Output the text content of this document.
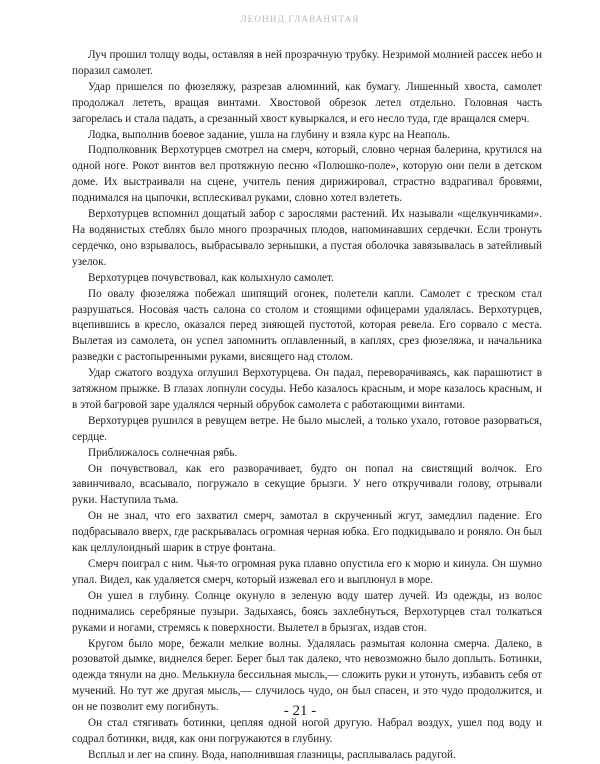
ЛЕОНИД ГЛАВАНЯТАЯ

Луч прошил толщу воды, оставляя в ней прозрачную трубку. Незримой молнией рассек небо и поразил самолет.

Удар пришелся по фюзеляжу, разрезав алюминий, как бумагу. Лишенный хвоста, самолет продолжал лететь, вращая винтами. Хвостовой обрезок летел отдельно. Головная часть загорелась и стала падать, а срезанный хвост кувыркался, и его несло туда, где вращался смерч.

Лодка, выполнив боевое задание, ушла на глубину и взяла курс на Неаполь.

Подполковник Верхотурцев смотрел на смерч, который, словно черная балерина, крутился на одной ноге. Рокот винтов вел протяжную песню «Полюшко-поле», которую они пели в детском доме. Их выстраивали на сцене, учитель пения дирижировал, страстно вздрагивал бровями, поднимался на цыпочки, всплескивал руками, словно хотел взлететь.

Верхотурцев вспомнил дощатый забор с зарослями растений. Их называли «щелкунчиками». На водянистых стеблях было много прозрачных плодов, напоминавших сердечки. Если тронуть сердечко, оно взрывалось, выбрасывало зернышки, а пустая оболочка завязывалась в затейливый узелок.

Верхотурцев почувствовал, как колыхнуло самолет.

По овалу фюзеляжа побежал шипящий огонек, полетели капли. Самолет с треском стал разрушаться. Носовая часть салона со столом и стоящими офицерами удалялась. Верхотурцев, вцепившись в кресло, оказался перед зияющей пустотой, которая ревела. Его сорвало с места. Вылетая из самолета, он успел запомнить оплавленный, в каплях, срез фюзеляжа, и начальника разведки с растопыренными руками, висящего над столом.

Удар сжатого воздуха оглушил Верхотурцева. Он падал, переворачиваясь, как парашютист в затяжном прыжке. В глазах лопнули сосуды. Небо казалось красным, и море казалось красным, и в этой багровой заре удалялся черный обрубок самолета с работающими винтами.

Верхотурцев рушился в ревущем ветре. Не было мыслей, а только ухало, готовое разорваться, сердце.

Приближалось солнечная рябь.

Он почувствовал, как его разворачивает, будто он попал на свистящий волчок. Его завинчивало, всасывало, погружало в секущие брызги. У него откручивали голову, отрывали руки. Наступила тьма.

Он не знал, что его захватил смерч, замотал в скрученный жгут, замедлил падение. Его подбрасывало вверх, где раскрывалась огромная черная юбка. Его подкидывало и роняло. Он был как целлулоидный шарик в струе фонтана.

Смерч поиграл с ним. Чья-то огромная рука плавно опустила его к морю и кинула. Он шумно упал. Видел, как удаляется смерч, который изжевал его и выплюнул в море.

Он ушел в глубину. Солнце окунуло в зеленую воду шатер лучей. Из одежды, из волос поднимались серебряные пузыри. Задыхаясь, боясь захлебнуться, Верхотурцев стал толкаться руками и ногами, стремясь к поверхности. Вылетел в брызгах, издав стон.

Кругом было море, бежали мелкие волны. Удалялась размытая колонна смерча. Далеко, в розоватой дымке, виднелся берег. Берег был так далеко, что невозможно было доплыть. Ботинки, одежда тянули на дно. Мелькнула бессильная мысль,— сложить руки и утонуть, избавить себя от мучений. Но тут же другая мысль,— случилось чудо, он был спасен, и это чудо продолжится, и он не позволит ему погибнуть.

Он стал стягивать ботинки, цепляя одной ногой другую. Набрал воздух, ушел под воду и содрал ботинки, видя, как они погружаются в глубину.

Всплыл и лег на спину. Вода, наполнившая глазницы, расплывалась радугой.

- 21 -
